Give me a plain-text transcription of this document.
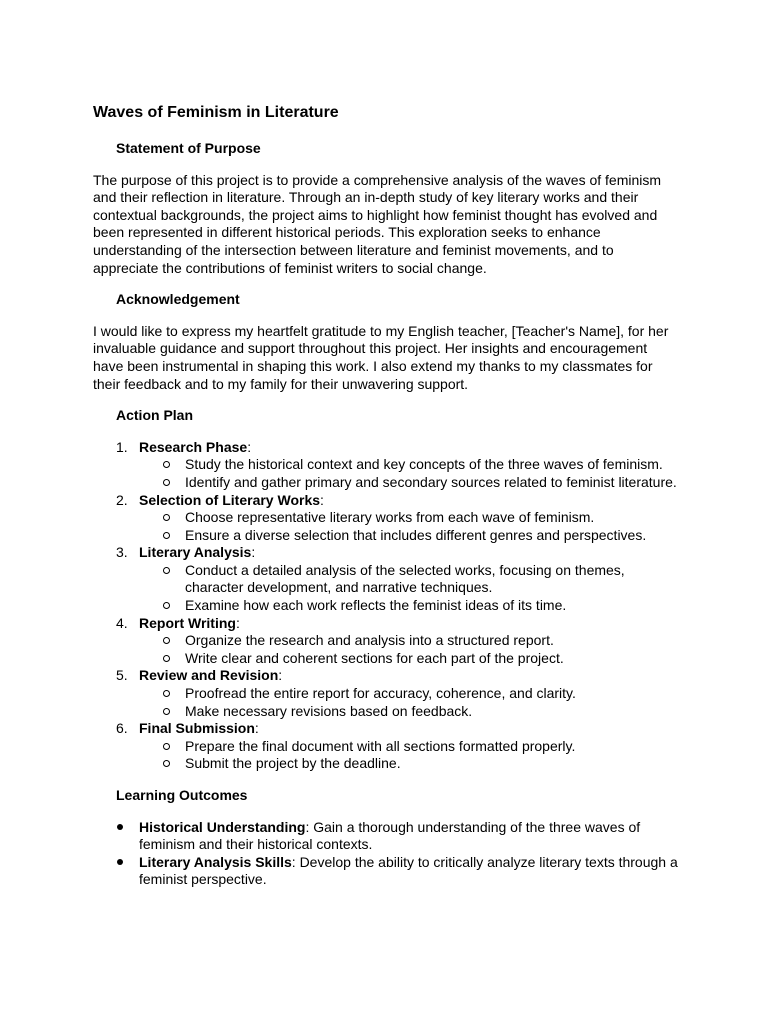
Waves of Feminism in Literature
Statement of Purpose

The purpose of this project is to provide a comprehensive analysis of the waves of feminism and their reflection in literature. Through an in-depth study of key literary works and their contextual backgrounds, the project aims to highlight how feminist thought has evolved and been represented in different historical periods. This exploration seeks to enhance understanding of the intersection between literature and feminist movements, and to appreciate the contributions of feminist writers to social change.

Acknowledgement

I would like to express my heartfelt gratitude to my English teacher, [Teacher's Name], for her invaluable guidance and support throughout this project. Her insights and encouragement have been instrumental in shaping this work. I also extend my thanks to my classmates for their feedback and to my family for their unwavering support.

Action Plan
1. Research Phase:
Study the historical context and key concepts of the three waves of feminism.
Identify and gather primary and secondary sources related to feminist literature.
2. Selection of Literary Works:
Choose representative literary works from each wave of feminism.
Ensure a diverse selection that includes different genres and perspectives.
3. Literary Analysis:
Conduct a detailed analysis of the selected works, focusing on themes, character development, and narrative techniques.
Examine how each work reflects the feminist ideas of its time.
4. Report Writing:
Organize the research and analysis into a structured report.
Write clear and coherent sections for each part of the project.
5. Review and Revision:
Proofread the entire report for accuracy, coherence, and clarity.
Make necessary revisions based on feedback.
6. Final Submission:
Prepare the final document with all sections formatted properly.
Submit the project by the deadline.
Learning Outcomes
Historical Understanding: Gain a thorough understanding of the three waves of feminism and their historical contexts.
Literary Analysis Skills: Develop the ability to critically analyze literary texts through a feminist perspective.
